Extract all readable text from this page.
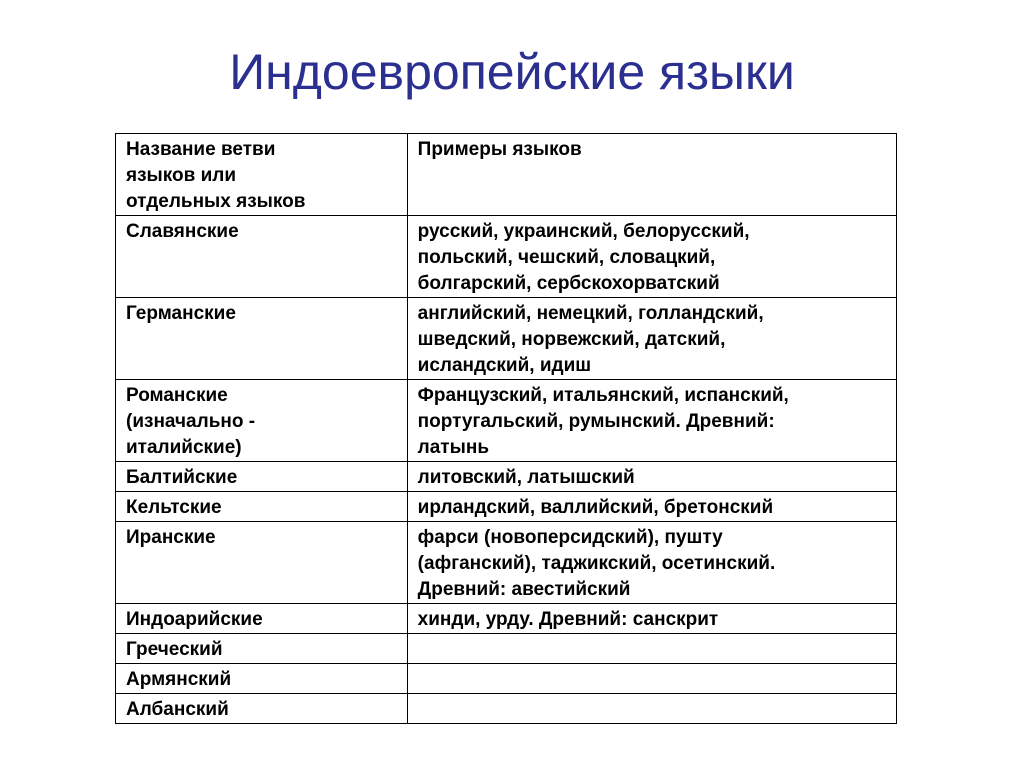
Индоевропейские языки
Название ветви
языков или
отдельных языков	Примеры языков
Славянские	русский, украинский, белорусский,
польский, чешский, словацкий,
болгарский, сербскохорватский
Германские	английский, немецкий, голландский,
шведский, норвежский, датский,
исландский, идиш
Романские
(изначально -
италийские)	Французский, итальянский, испанский,
португальский, румынский. Древний:
латынь
Балтийские	литовский, латышский
Кельтские	ирландский, валлийский, бретонский
Иранские	фарси (новоперсидский), пушту
(афганский), таджикский, осетинский.
Древний: авестийский
Индоарийские	хинди, урду. Древний: санскрит
Греческий	
Армянский	
Албанский	
